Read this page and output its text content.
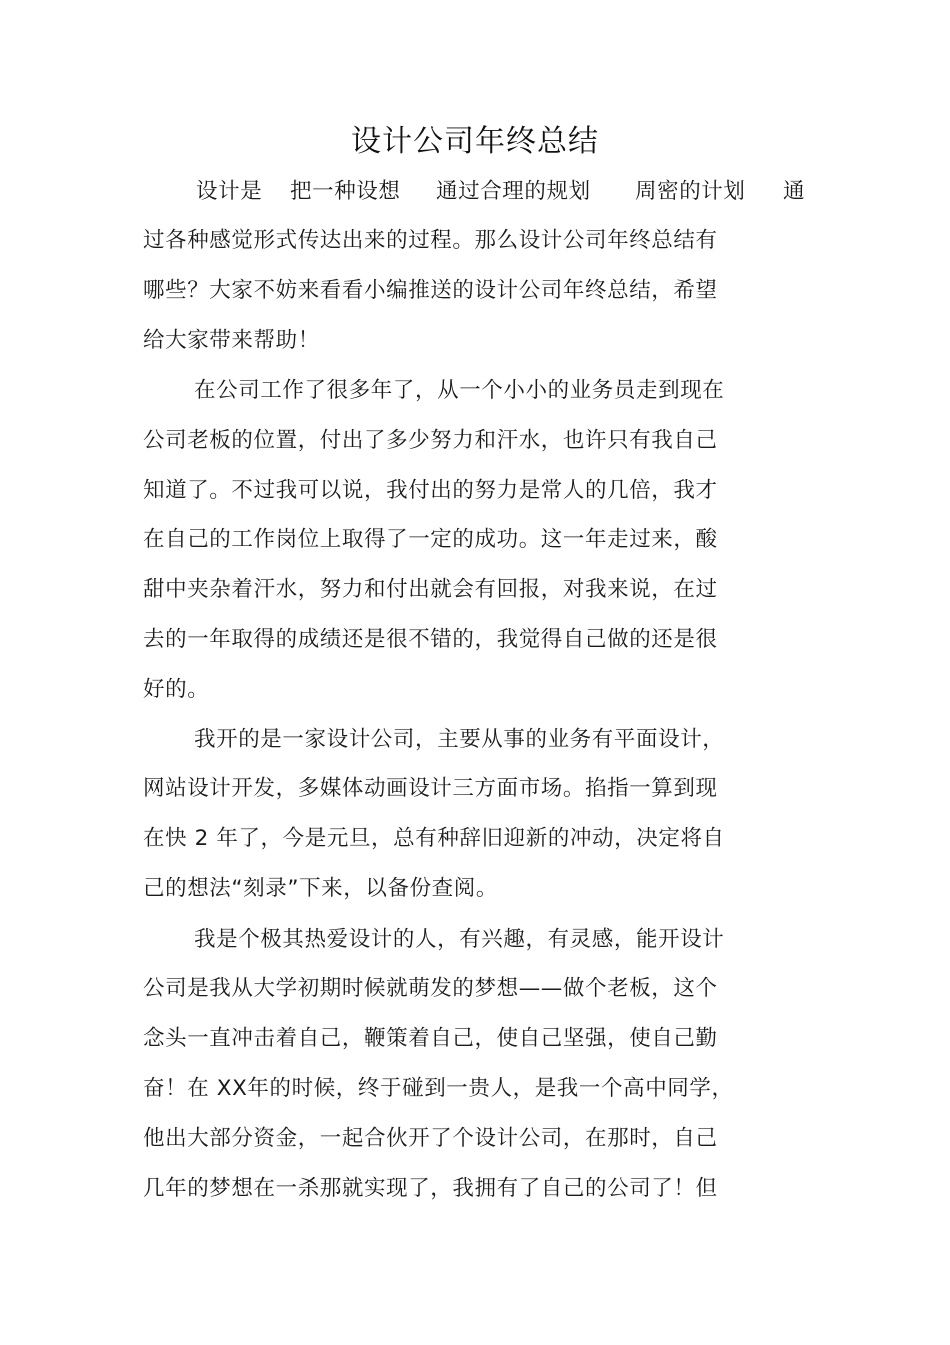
设计公司年终总结
设计是 把一种设想 通过合理的规划 周密的计划 通
过各种感觉形式传达出来的过程。那么设计公司年终总结有
哪些？大家不妨来看看小编推送的设计公司年终总结，希望
给大家带来帮助！
在公司工作了很多年了，从一个小小的业务员走到现在
公司老板的位置，付出了多少努力和汗水，也许只有我自己
知道了。不过我可以说，我付出的努力是常人的几倍，我才
在自己的工作岗位上取得了一定的成功。这一年走过来，酸
甜中夹杂着汗水，努力和付出就会有回报，对我来说，在过
去的一年取得的成绩还是很不错的，我觉得自己做的还是很
好的。
我开的是一家设计公司，主要从事的业务有平面设计，
网站设计开发，多媒体动画设计三方面市场。掐指一算到现
在快 2 年了，今是元旦，总有种辞旧迎新的冲动，决定将自
己的想法“刻录”下来，以备份查阅。
我是个极其热爱设计的人，有兴趣，有灵感，能开设计
公司是我从大学初期时候就萌发的梦想——做个老板，这个
念头一直冲击着自己，鞭策着自己，使自己坚强，使自己勤
奋！在 XX年的时候，终于碰到一贵人，是我一个高中同学，
他出大部分资金，一起合伙开了个设计公司，在那时，自己
几年的梦想在一杀那就实现了，我拥有了自己的公司了！但
